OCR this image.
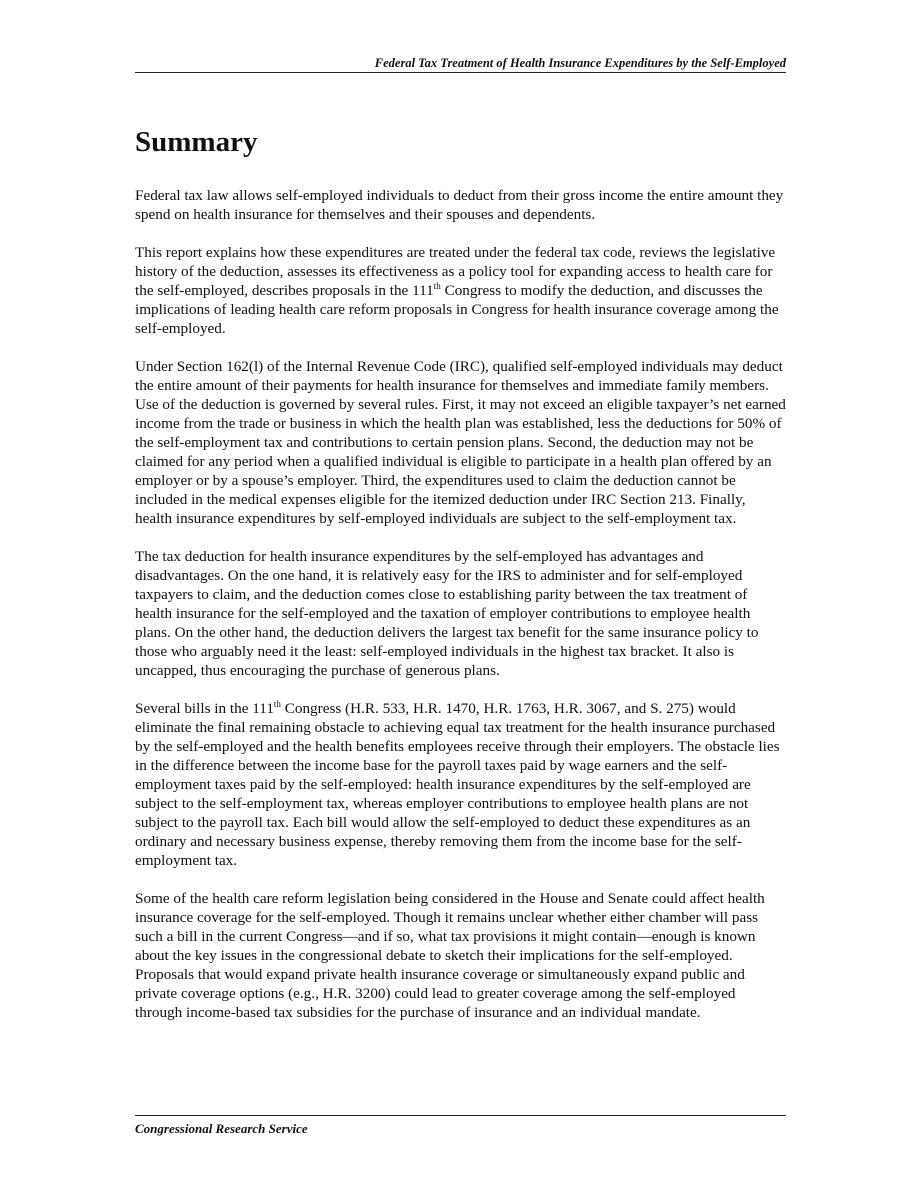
Federal Tax Treatment of Health Insurance Expenditures by the Self-Employed
Summary

Federal tax law allows self-employed individuals to deduct from their gross income the entire amount they spend on health insurance for themselves and their spouses and dependents.

This report explains how these expenditures are treated under the federal tax code, reviews the legislative history of the deduction, assesses its effectiveness as a policy tool for expanding access to health care for the self-employed, describes proposals in the 111th Congress to modify the deduction, and discusses the implications of leading health care reform proposals in Congress for health insurance coverage among the self-employed.

Under Section 162(l) of the Internal Revenue Code (IRC), qualified self-employed individuals may deduct the entire amount of their payments for health insurance for themselves and immediate family members. Use of the deduction is governed by several rules. First, it may not exceed an eligible taxpayer’s net earned income from the trade or business in which the health plan was established, less the deductions for 50% of the self-employment tax and contributions to certain pension plans. Second, the deduction may not be claimed for any period when a qualified individual is eligible to participate in a health plan offered by an employer or by a spouse’s employer. Third, the expenditures used to claim the deduction cannot be included in the medical expenses eligible for the itemized deduction under IRC Section 213. Finally, health insurance expenditures by self-employed individuals are subject to the self-employment tax.

The tax deduction for health insurance expenditures by the self-employed has advantages and disadvantages. On the one hand, it is relatively easy for the IRS to administer and for self-employed taxpayers to claim, and the deduction comes close to establishing parity between the tax treatment of health insurance for the self-employed and the taxation of employer contributions to employee health plans. On the other hand, the deduction delivers the largest tax benefit for the same insurance policy to those who arguably need it the least: self-employed individuals in the highest tax bracket. It also is uncapped, thus encouraging the purchase of generous plans.

Several bills in the 111th Congress (H.R. 533, H.R. 1470, H.R. 1763, H.R. 3067, and S. 275) would eliminate the final remaining obstacle to achieving equal tax treatment for the health insurance purchased by the self-employed and the health benefits employees receive through their employers. The obstacle lies in the difference between the income base for the payroll taxes paid by wage earners and the self-employment taxes paid by the self-employed: health insurance expenditures by the self-employed are subject to the self-employment tax, whereas employer contributions to employee health plans are not subject to the payroll tax. Each bill would allow the self-employed to deduct these expenditures as an ordinary and necessary business expense, thereby removing them from the income base for the self-employment tax.

Some of the health care reform legislation being considered in the House and Senate could affect health insurance coverage for the self-employed. Though it remains unclear whether either chamber will pass such a bill in the current Congress—and if so, what tax provisions it might contain—enough is known about the key issues in the congressional debate to sketch their implications for the self-employed. Proposals that would expand private health insurance coverage or simultaneously expand public and private coverage options (e.g., H.R. 3200) could lead to greater coverage among the self-employed through income-based tax subsidies for the purchase of insurance and an individual mandate.

Congressional Research Service
